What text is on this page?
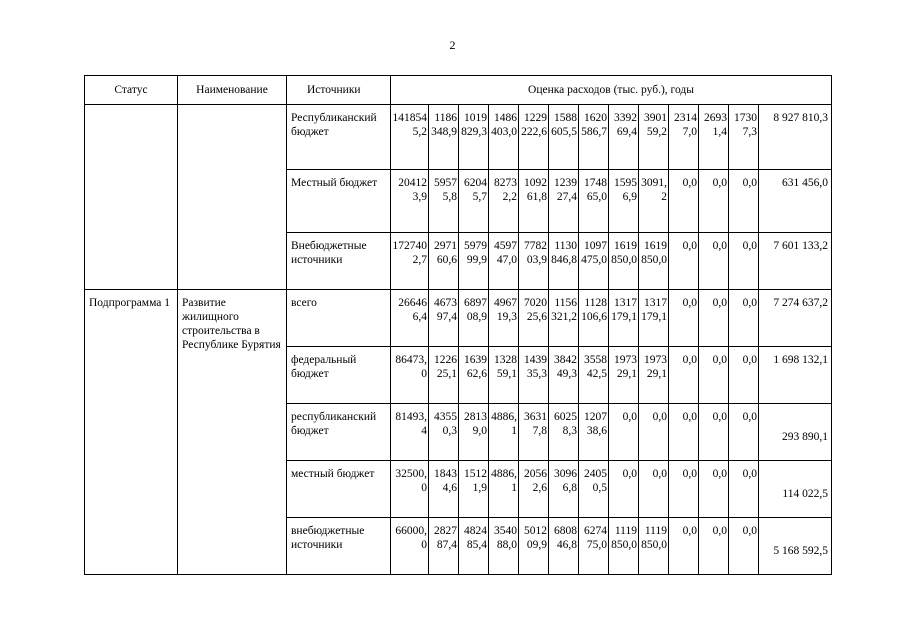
2
Статус	Наименование	Источники	Оценка расходов (тыс. руб.), годы												
		Республиканский бюджет	1418545,2	1186348,9	1019829,3	1486403,0	1229222,6	1588605,5	1620586,7	339269,4	390159,2	23147,0	26931,4	17307,3	8 927 810,3
		Местный бюджет	204123,9	59575,8	62045,7	82732,2	109261,8	123927,4	174865,0	15956,9	3091,2	0,0	0,0	0,0	631 456,0
		Внебюджетные источники	1727402,7	297160,6	597999,9	459747,0	778203,9	1130846,8	1097475,0	1619850,0	1619850,0	0,0	0,0	0,0	7 601 133,2
Подпрограмма 1	Развитие жилищного строительства в Республике Бурятия	всего	266466,4	467397,4	689708,9	496719,3	702025,6	1156321,2	1128106,6	1317179,1	1317179,1	0,0	0,0	0,0	7 274 637,2
		федеральный бюджет	86473,0	122625,1	163962,6	132859,1	143935,3	384249,3	355842,5	197329,1	197329,1	0,0	0,0	0,0	1 698 132,1
		республиканский бюджет	81493,4	43550,3	28139,0	4886,1	36317,8	60258,3	120738,6	0,0	0,0	0,0	0,0	0,0	293 890,1
		местный бюджет	32500,0	18434,6	15121,9	4886,1	20562,6	30966,8	24050,5	0,0	0,0	0,0	0,0	0,0	114 022,5
		внебюджетные источники	66000,0	282787,4	482485,4	354088,0	501209,9	680846,8	627475,0	1119850,0	1119850,0	0,0	0,0	0,0	5 168 592,5
